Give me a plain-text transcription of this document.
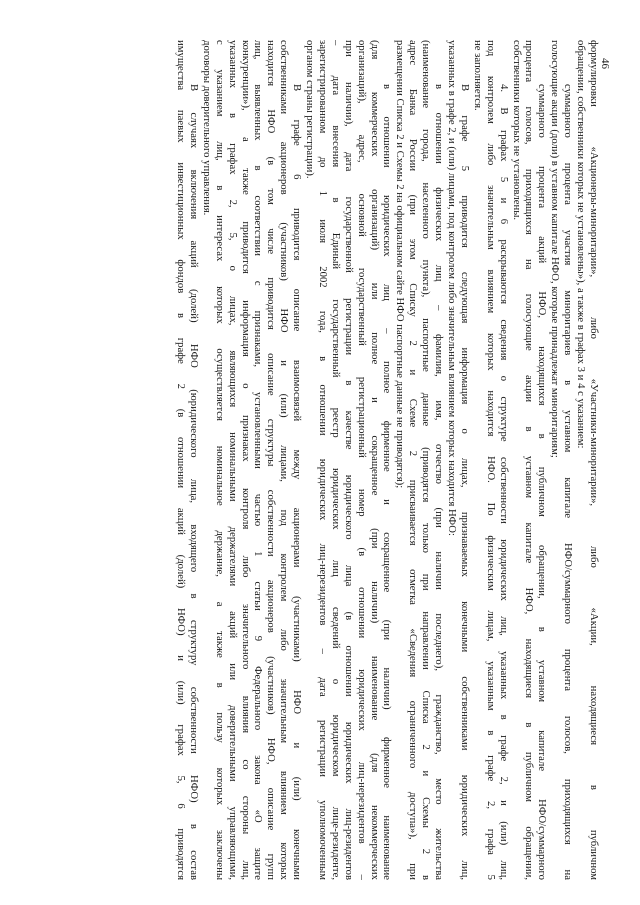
46

формулировки «Акционеры-миноритарии», либо «Участники-миноритарии», либо «Акции, находящиеся в публичном

обращении, собственники которых не установлены»), а также в графах 3 и 4 с указанием:

суммарного процента участия миноритариев в уставном капитале НФО/суммарного процента голосов, приходящихся на

голосующие акции (доли) в уставном капитале НФО, которые принадлежат миноритариям;

суммарного процента акций НФО, находящихся в публичном обращении, в уставном капитале НФО/суммарного

процента голосов, приходящихся на голосующие акции в уставном капитале НФО, находящиеся в публичном обращении,

собственники которых не установлены.

4. В графах 5 и 6 раскрываются сведения о структуре собственности юридических лиц, указанных в графе 2, и (или) лиц,

под контролем либо значительным влиянием которых находится НФО. По физическим лицам, указанным в графе 2, графа 5

не заполняется.

В графе 5 приводится следующая информация о лицах, признаваемых конечными собственниками юридических лиц,

указанных в графе 2, и (или) лицами, под контролем либо значительным влиянием которых находится НФО:

в отношении физических лиц – фамилия, имя, отчество (при наличии последнего), гражданство, место жительства

(наименование города, населенного пункта), паспортные данные (приводятся только при направлении Списка 2 и Схемы 2 в

адрес Банка России (при этом Списку 2 и Схеме 2 присваивается отметка «Сведения ограниченного доступа»), при

размещении Списка 2 и Схемы 2 на официальном сайте НФО паспортные данные не приводятся);

в отношении юридических лиц – полное фирменное и сокращенное (при наличии) фирменное наименование

(для коммерческих организаций) или полное и сокращенное (при наличии) наименование (для некоммерческих

организаций), адрес, основной государственный регистрационный номер (в отношении юридических лиц-нерезидентов –

при наличии), дата государственной регистрации в качестве юридического лица (в отношении юридических лиц-резидентов

– дата внесения в Единый государственный реестр юридических лиц сведений о юридическом лице-резиденте,

зарегистрированном до 1 июля 2002 года, в отношении юридических лиц-нерезидентов – дата регистрации уполномоченным

органом страны регистрации).

В графе 6 приводится описание взаимосвязей между акционерами (участниками) НФО и (или) конечными

собственниками акционеров (участников) НФО и (или) лицами, под контролем либо значительным влиянием которых

находится НФО (в том числе приводится описание структуры собственности акционеров (участников) НФО, описание групп

лиц, выявленных в соответствии с признаками, установленными частью 1 статьи 9 Федерального закона «О защите

конкуренции»), а также приводится информация о признаках контроля либо значительного влияния со стороны лиц,

указанных в графах 2, 5, о лицах, являющихся номинальными держателями акций или доверительными управляющими,

с указанием лиц, в интересах которых осуществляется номинальное держание, а также в пользу которых заключены

договоры доверительного управления.

В случаях включения акций (долей) НФО (юридического лица, входящего в структуру собственности НФО) в состав

имущества паевых инвестиционных фондов в графе 2 (в отношении акций (долей) НФО) и (или) графах 5, 6 приводятся
